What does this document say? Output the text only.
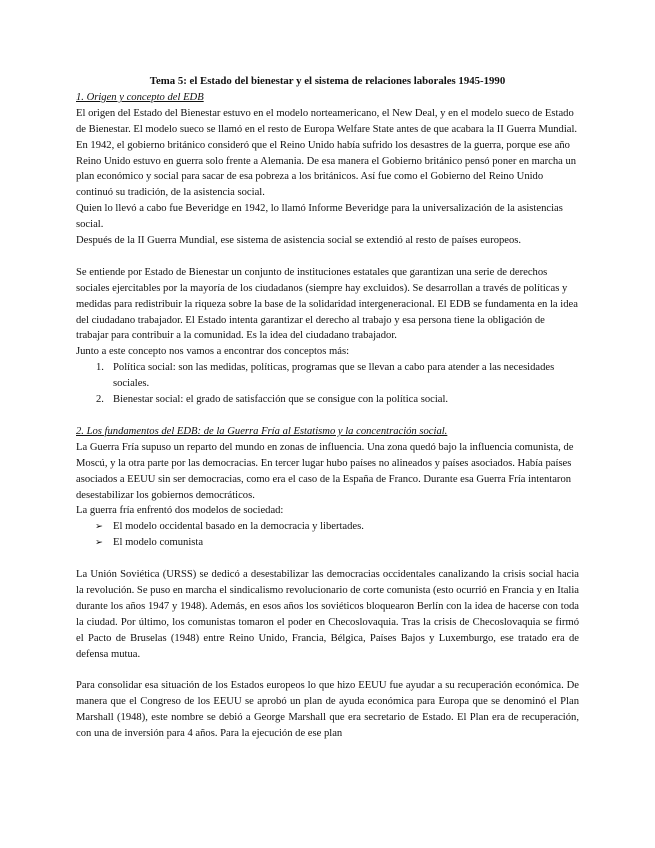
Tema 5: el Estado del bienestar y el sistema de relaciones laborales 1945-1990

1. Origen y concepto del EDB

El origen del Estado del Bienestar estuvo en el modelo norteamericano, el New Deal, y en el modelo sueco de Estado de Bienestar. El modelo sueco se llamó en el resto de Europa Welfare State antes de que acabara la II Guerra Mundial.

En 1942, el gobierno británico consideró que el Reino Unido había sufrido los desastres de la guerra, porque ese año Reino Unido estuvo en guerra solo frente a Alemania. De esa manera el Gobierno británico pensó poner en marcha un plan económico y social para sacar de esa pobreza a los británicos. Así fue como el Gobierno del Reino Unido continuó su tradición, de la asistencia social.

Quien lo llevó a cabo fue Beveridge en 1942, lo llamó Informe Beveridge para la universalización de la asistencias social.

Después de la II Guerra Mundial, ese sistema de asistencia social se extendió al resto de países europeos.

Se entiende por Estado de Bienestar un conjunto de instituciones estatales que garantizan una serie de derechos sociales ejercitables por la mayoría de los ciudadanos (siempre hay excluidos). Se desarrollan a través de políticas y medidas para redistribuir la riqueza sobre la base de la solidaridad intergeneracional. El EDB se fundamenta en la idea del ciudadano trabajador. El Estado intenta garantizar el derecho al trabajo y esa persona tiene la obligación de trabajar para contribuir a la comunidad. Es la idea del ciudadano trabajador.

Junto a este concepto nos vamos a encontrar dos conceptos más:

1. Política social: son las medidas, políticas, programas que se llevan a cabo para atender a las necesidades sociales.
2. Bienestar social: el grado de satisfacción que se consigue con la política social.

2. Los fundamentos del EDB: de la Guerra Fría al Estatismo y la concentración social.

La Guerra Fría supuso un reparto del mundo en zonas de influencia. Una zona quedó bajo la influencia comunista, de Moscú, y la otra parte por las democracias. En tercer lugar hubo países no alineados y países asociados. Había países asociados a EEUU sin ser democracias, como era el caso de la España de Franco. Durante esa Guerra Fría intentaron desestabilizar los gobiernos democráticos.

La guerra fría enfrentó dos modelos de sociedad:

➢ El modelo occidental basado en la democracia y libertades.
➢ El modelo comunista

La Unión Soviética (URSS) se dedicó a desestabilizar las democracias occidentales canalizando la crisis social hacia la revolución. Se puso en marcha el sindicalismo revolucionario de corte comunista (esto ocurrió en Francia y en Italia durante los años 1947 y 1948). Además, en esos años los soviéticos bloquearon Berlín con la idea de hacerse con toda la ciudad. Por último, los comunistas tomaron el poder en Checoslovaquia. Tras la crisis de Checoslovaquia se firmó el Pacto de Bruselas (1948) entre Reino Unido, Francia, Bélgica, Países Bajos y Luxemburgo, ese tratado era de defensa mutua.

Para consolidar esa situación de los Estados europeos lo que hizo EEUU fue ayudar a su recuperación económica. De manera que el Congreso de los EEUU se aprobó un plan de ayuda económica para Europa que se denominó el Plan Marshall (1948), este nombre se debió a George Marshall que era secretario de Estado. El Plan era de recuperación, con una de inversión para 4 años. Para la ejecución de ese plan
